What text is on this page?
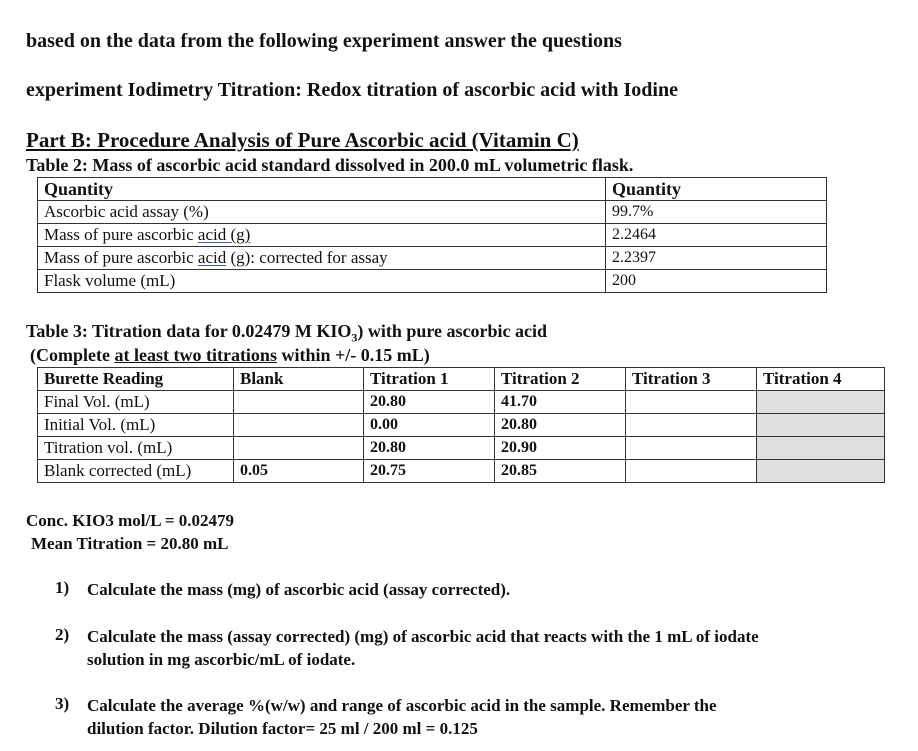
based on the data from the following experiment answer the questions
experiment Iodimetry Titration: Redox titration of ascorbic acid with Iodine
Part B: Procedure Analysis of Pure Ascorbic acid (Vitamin C)
Table 2: Mass of ascorbic acid standard dissolved in 200.0 mL volumetric flask.
Quantity	Quantity
Ascorbic acid assay (%)	99.7%
Mass of pure ascorbic acid (g)	2.2464
Mass of pure ascorbic acid (g): corrected for assay	2.2397
Flask volume (mL)	200
Table 3: Titration data for 0.02479 M $KIO_3$) with pure ascorbic acid
(Complete at least two titrations within +/- 0.15 mL)
Burette Reading	Blank	Titration 1	Titration 2	Titration 3	Titration 4
Final Vol. (mL)		20.80	41.70		
Initial Vol. (mL)		0.00	20.80		
Titration vol. (mL)		20.80	20.90		
Blank corrected (mL)	0.05	20.75	20.85		
Conc. KIO3 mol/L = 0.02479
Mean Titration = 20.80 mL
1) Calculate the mass (mg) of ascorbic acid (assay corrected).
2) Calculate the mass (assay corrected) (mg) of ascorbic acid that reacts with the 1 mL of iodate
solution in mg ascorbic/mL of iodate.
3) Calculate the average %(w/w) and range of ascorbic acid in the sample. Remember the
dilution factor. Dilution factor= 25 ml / 200 ml = 0.125
